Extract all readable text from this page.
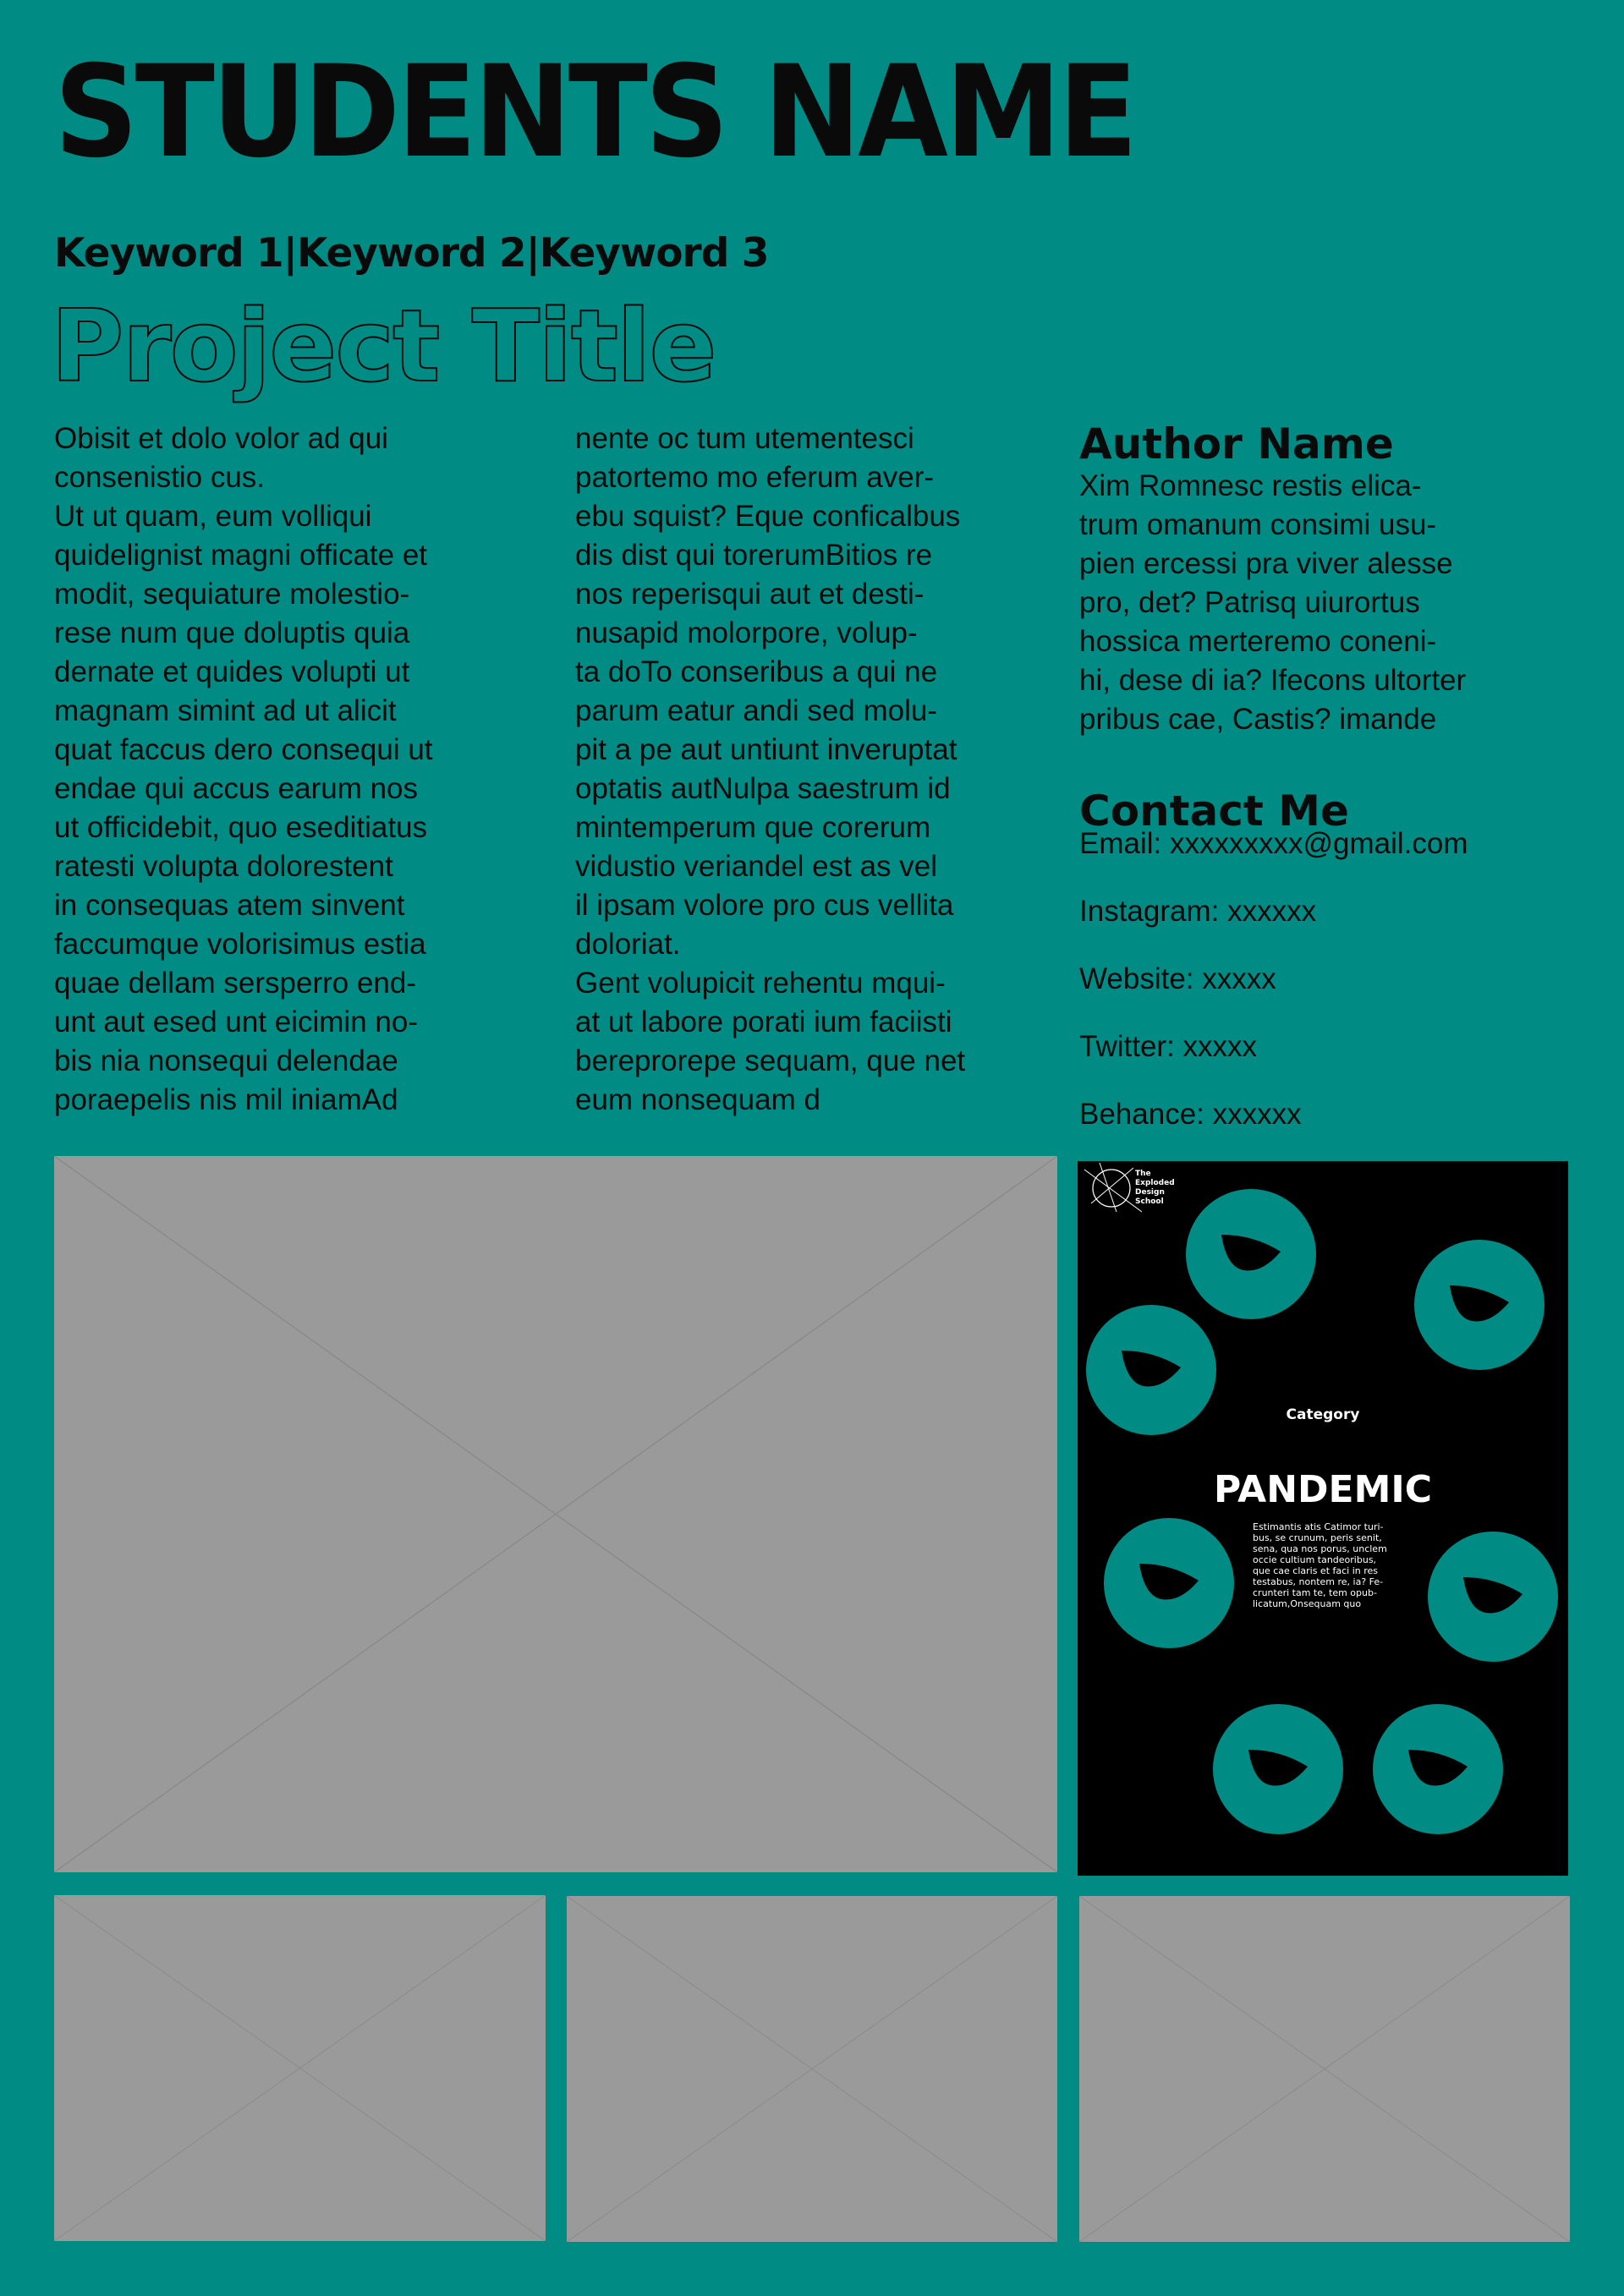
STUDENTS NAME
Keyword 1|Keyword 2|Keyword 3
Project Title
Obisit et dolo volor ad qui
consenistio cus.
Ut ut quam, eum volliqui
quidelignist magni officate et
modit, sequiature molestio-
rese num que doluptis quia
dernate et quides volupti ut
magnam simint ad ut alicit
quat faccus dero consequi ut
endae qui accus earum nos
ut officidebit, quo eseditiatus
ratesti volupta dolorestent
in consequas atem sinvent
faccumque volorisimus estia
quae dellam sersperro end-
unt aut esed unt eicimin no-
bis nia nonsequi delendae
poraepelis nis mil iniamAd
nente oc tum utementesci
patortemo mo eferum aver-
ebu squist? Eque conficalbus
dis dist qui torerumBitios re
nos reperisqui aut et desti-
nusapid molorpore, volup-
ta doTo conseribus a qui ne
parum eatur andi sed molu-
pit a pe aut untiunt inveruptat
optatis autNulpa saestrum id
mintemperum que corerum
vidustio veriandel est as vel
il ipsam volore pro cus vellita
doloriat.
Gent volupicit rehentu mqui-
at ut labore porati ium faciisti
bereprorepe sequam, que net
eum nonsequam d
Author Name
Xim Romnesc restis elica-
trum omanum consimi usu-
pien ercessi pra viver alesse
pro, det? Patrisq uiurortus
hossica merteremo coneni-
hi, dese di ia? Ifecons ultorter
pribus cae, Castis? imande
Contact Me
Email: xxxxxxxxx@gmail.com
Instagram: xxxxxx
Website: xxxxx
Twitter: xxxxx
Behance: xxxxxx
The
Exploded
Design
School
Category
PANDEMIC
Estimantis atis Catimor turi-
bus, se crunum, peris senit,
sena, qua nos porus, unclem
occie cultium tandeoribus,
que cae claris et faci in res
testabus, nontem re, ia? Fe-
crunteri tam te, tem opub-
licatum,Onsequam quo
